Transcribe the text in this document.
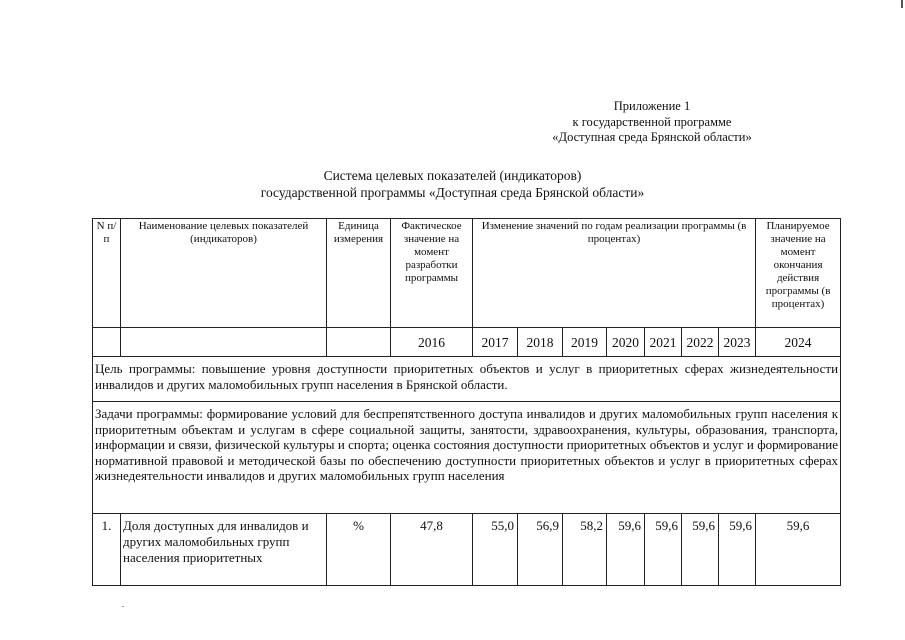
Приложение 1
к государственной программе
«Доступная среда Брянской области»
Система целевых показателей (индикаторов)
государственной программы «Доступная среда Брянской области»
N п/п	Наименование целевых показателей (индикаторов)	Единица измерения	Фактическое значение на момент разработки программы	Изменение значений по годам реализации программы (в процентах)							Планируемое значение на момент окончания действия программы (в процентах)
			2016	2017	2018	2019	2020	2021	2022	2023	2024
Цель программы: повышение уровня доступности приоритетных объектов и услуг в приоритетных сферах жизнедеятельности инвалидов и других маломобильных групп населения в Брянской области.											
Задачи программы: формирование условий для беспрепятственного доступа инвалидов и других маломобильных групп населения к приоритетным объектам и услугам в сфере социальной защиты, занятости, здравоохранения, культуры, образования, транспорта, информации и связи, физической культуры и спорта; оценка состояния доступности приоритетных объектов и услуг и формирование нормативной правовой и методической базы по обеспечению доступности приоритетных объектов и услуг в приоритетных сферах жизнедеятельности инвалидов и других маломобильных групп населения											
1.	Доля доступных для инвалидов и других маломобильных групп населения приоритетных	%	47,8	55,0	56,9	58,2	59,6	59,6	59,6	59,6	59,6
